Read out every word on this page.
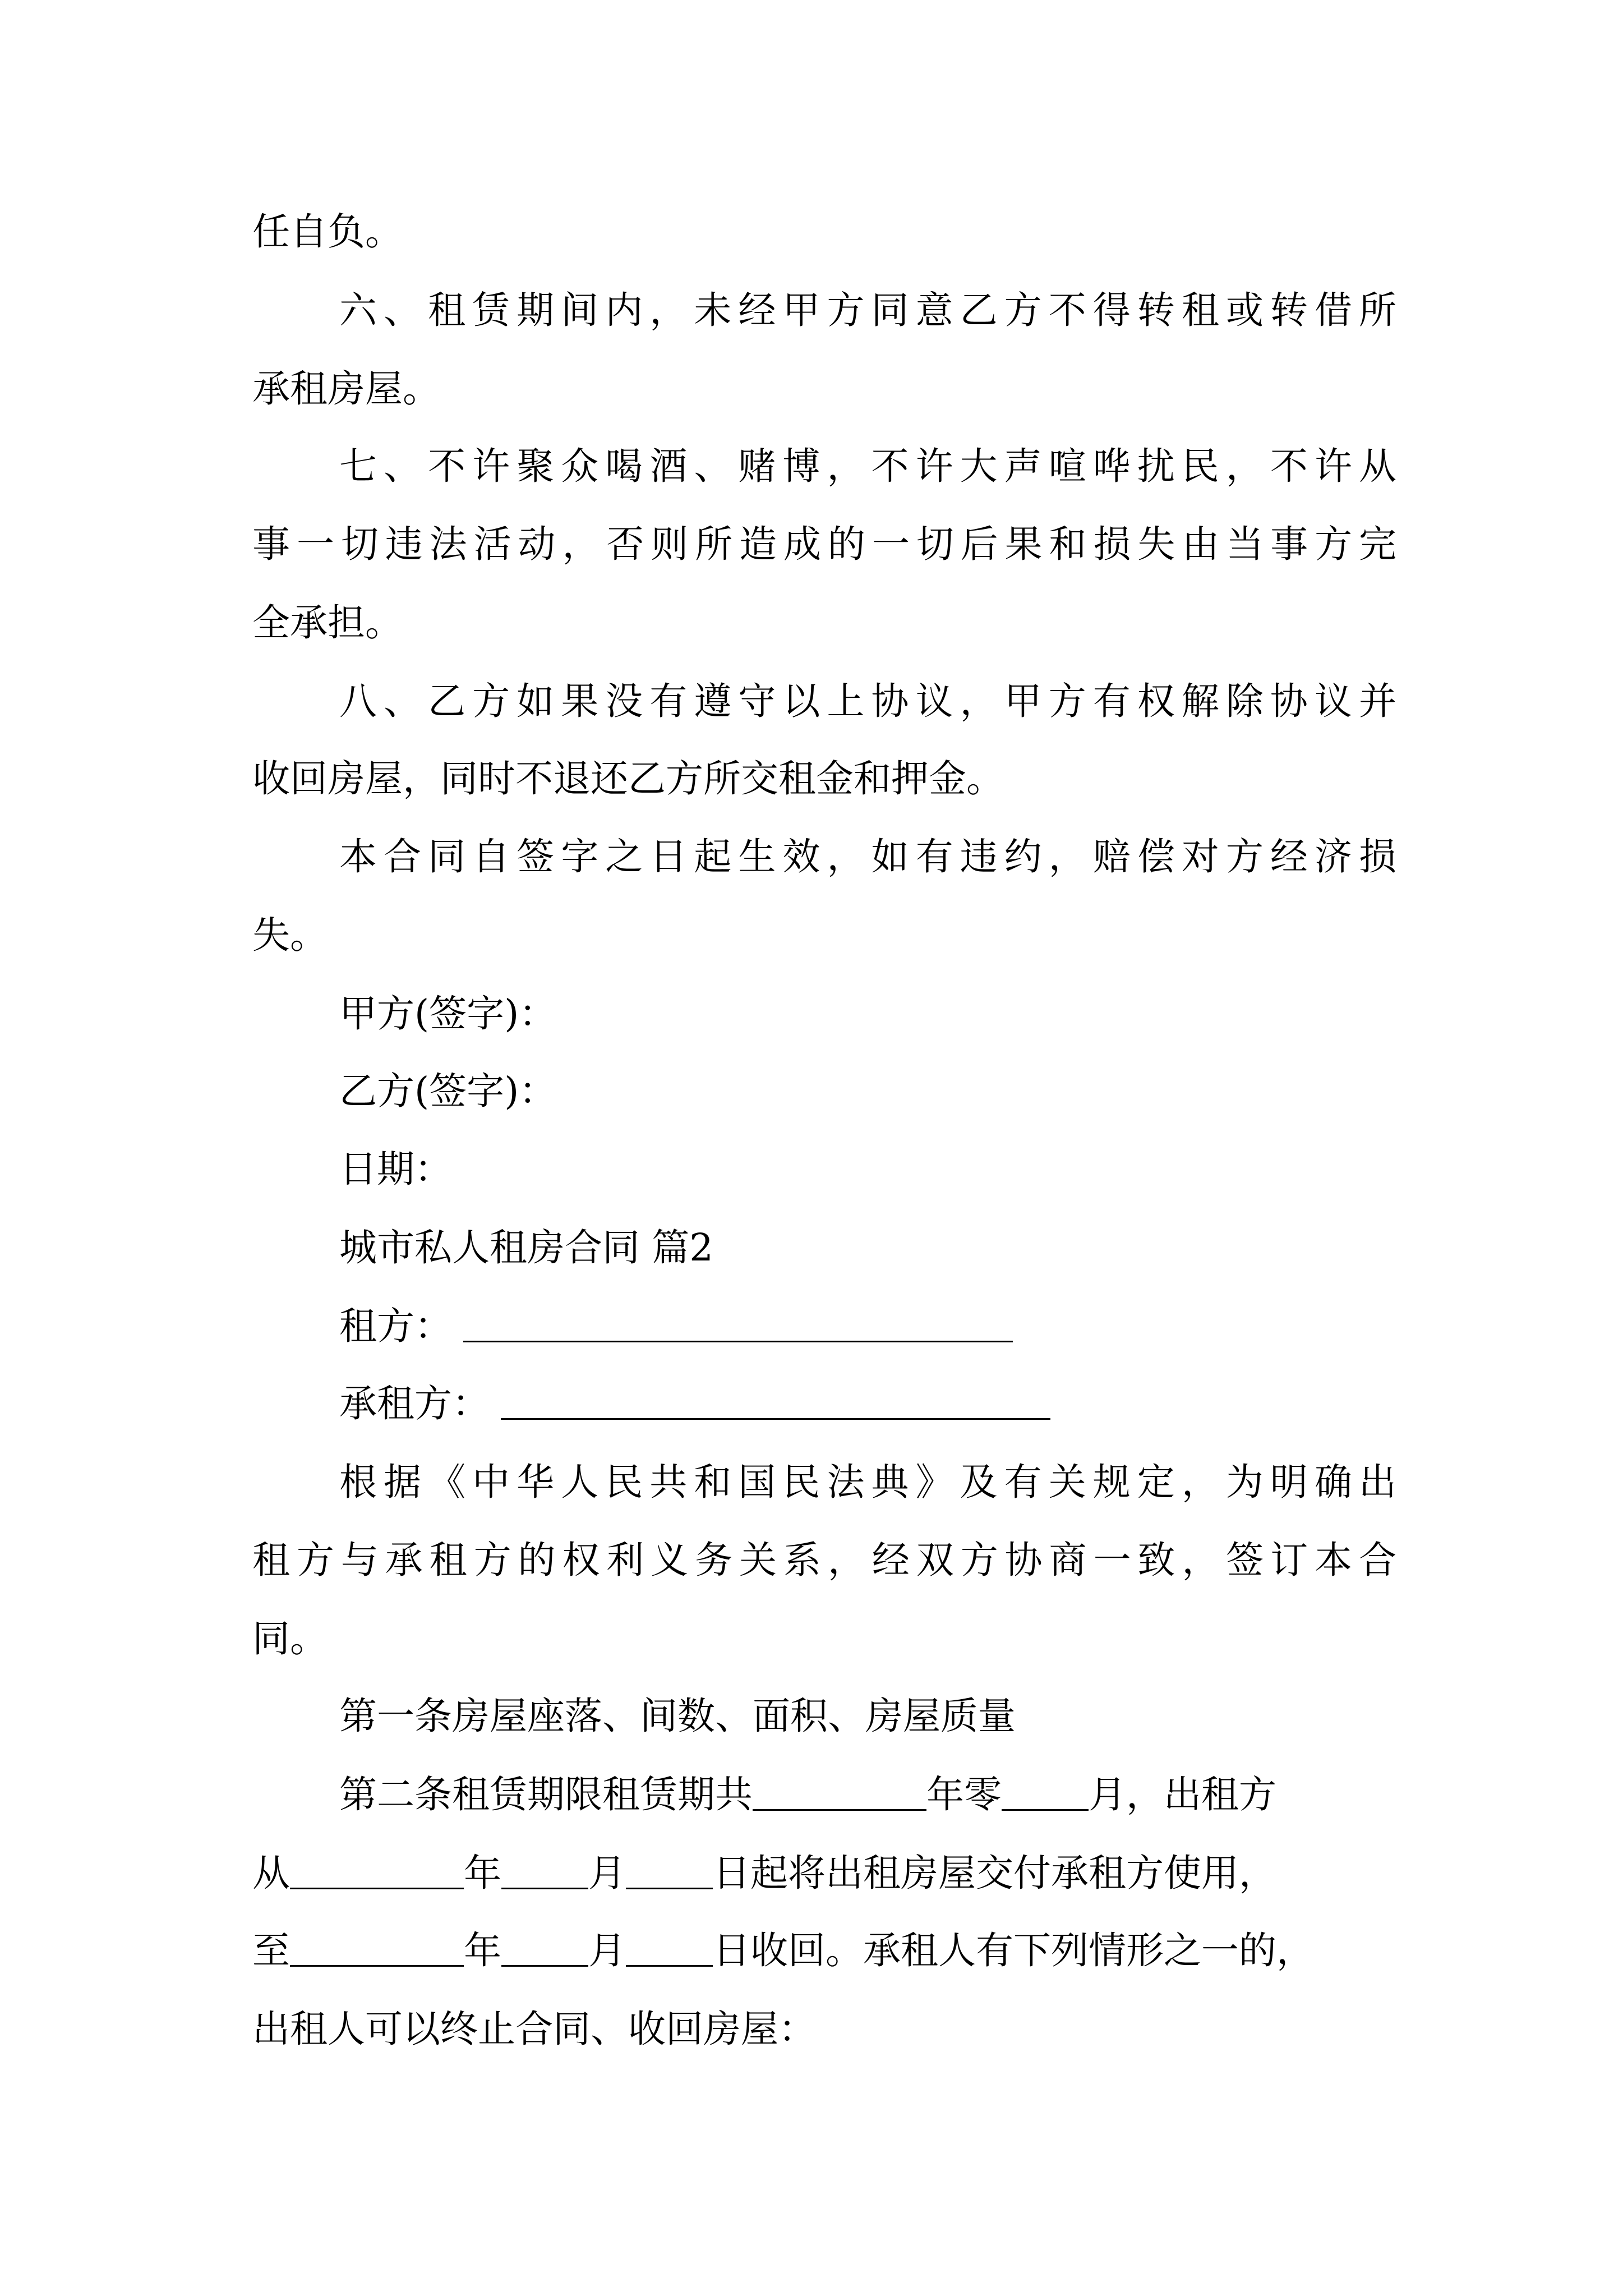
任自负。
六、租赁期间内，未经甲方同意乙方不得转租或转借所
承租房屋。
七、不许聚众喝酒、赌博，不许大声喧哗扰民，不许从
事一切违法活动，否则所造成的一切后果和损失由当事方完
全承担。
八、乙方如果没有遵守以上协议，甲方有权解除协议并
收回房屋，同时不退还乙方所交租金和押金。
本合同自签字之日起生效，如有违约，赔偿对方经济损
失。
甲方(签字)：
乙方(签字)：
日期：
城市私人租房合同 篇2
租方：
承租方：
根据《中华人民共和国民法典》及有关规定，为明确出
租方与承租方的权利义务关系，经双方协商一致，签订本合
同。
第一条房屋座落、间数、面积、房屋质量
第二条租赁期限租赁期共	年零 月，出租方
从	年 月 日起将出租房屋交付承租方使用，
至	年 月 日收回。承租人有下列情形之一的，
出租人可以终止合同、收回房屋：
